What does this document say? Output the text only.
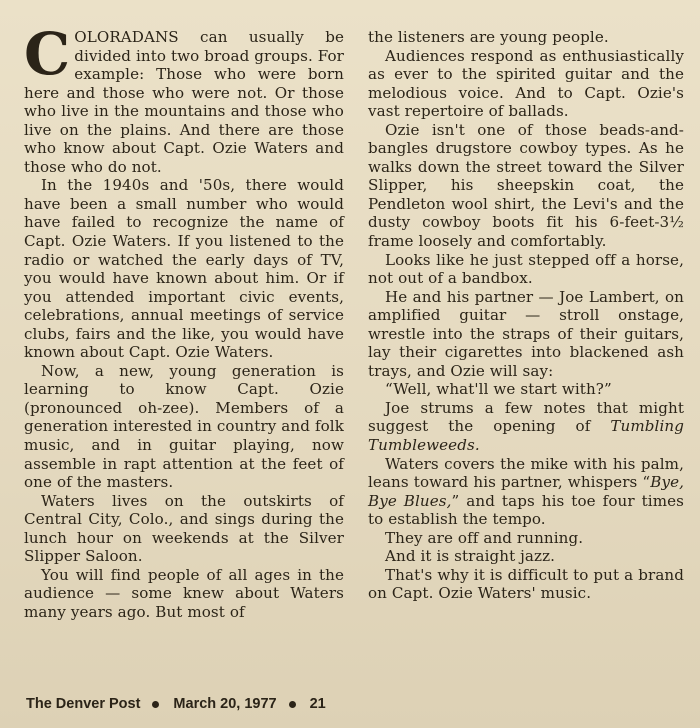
COLORADANS can usually be divided into two broad groups. For example: Those who were born here and those who were not. Or those who live in the mountains and those who live on the plains. And there are those who know about Capt. Ozie Waters and those who do not.

In the 1940s and '50s, there would have been a small number who would have failed to recognize the name of Capt. Ozie Waters. If you listened to the radio or watched the early days of TV, you would have known about him. Or if you attended important civic events, celebrations, annual meetings of service clubs, fairs and the like, you would have known about Capt. Ozie Waters.

Now, a new, young generation is learning to know Capt. Ozie (pronounced oh-zee). Members of a generation interested in country and folk music, and in guitar playing, now assemble in rapt attention at the feet of one of the masters.

Waters lives on the outskirts of Central City, Colo., and sings during the lunch hour on weekends at the Silver Slipper Saloon.

You will find people of all ages in the audience — some knew about Waters many years ago. But most of

the listeners are young people.

Audiences respond as enthusiastically as ever to the spirited guitar and the melodious voice. And to Capt. Ozie's vast repertoire of ballads.

Ozie isn't one of those beads-and-bangles drugstore cowboy types. As he walks down the street toward the Silver Slipper, his sheepskin coat, the Pendleton wool shirt, the Levi's and the dusty cowboy boots fit his 6-feet-3½ frame loosely and comfortably.

Looks like he just stepped off a horse, not out of a bandbox.

He and his partner — Joe Lambert, on amplified guitar — stroll onstage, wrestle into the straps of their guitars, lay their cigarettes into blackened ash trays, and Ozie will say:

“Well, what'll we start with?”

Joe strums a few notes that might suggest the opening of Tumbling Tumbleweeds.

Waters covers the mike with his palm, leans toward his partner, whispers “Bye, Bye Blues,” and taps his toe four times to establish the tempo.

They are off and running.

And it is straight jazz.

That's why it is difficult to put a brand on Capt. Ozie Waters' music.

The Denver Post March 20, 1977 21
